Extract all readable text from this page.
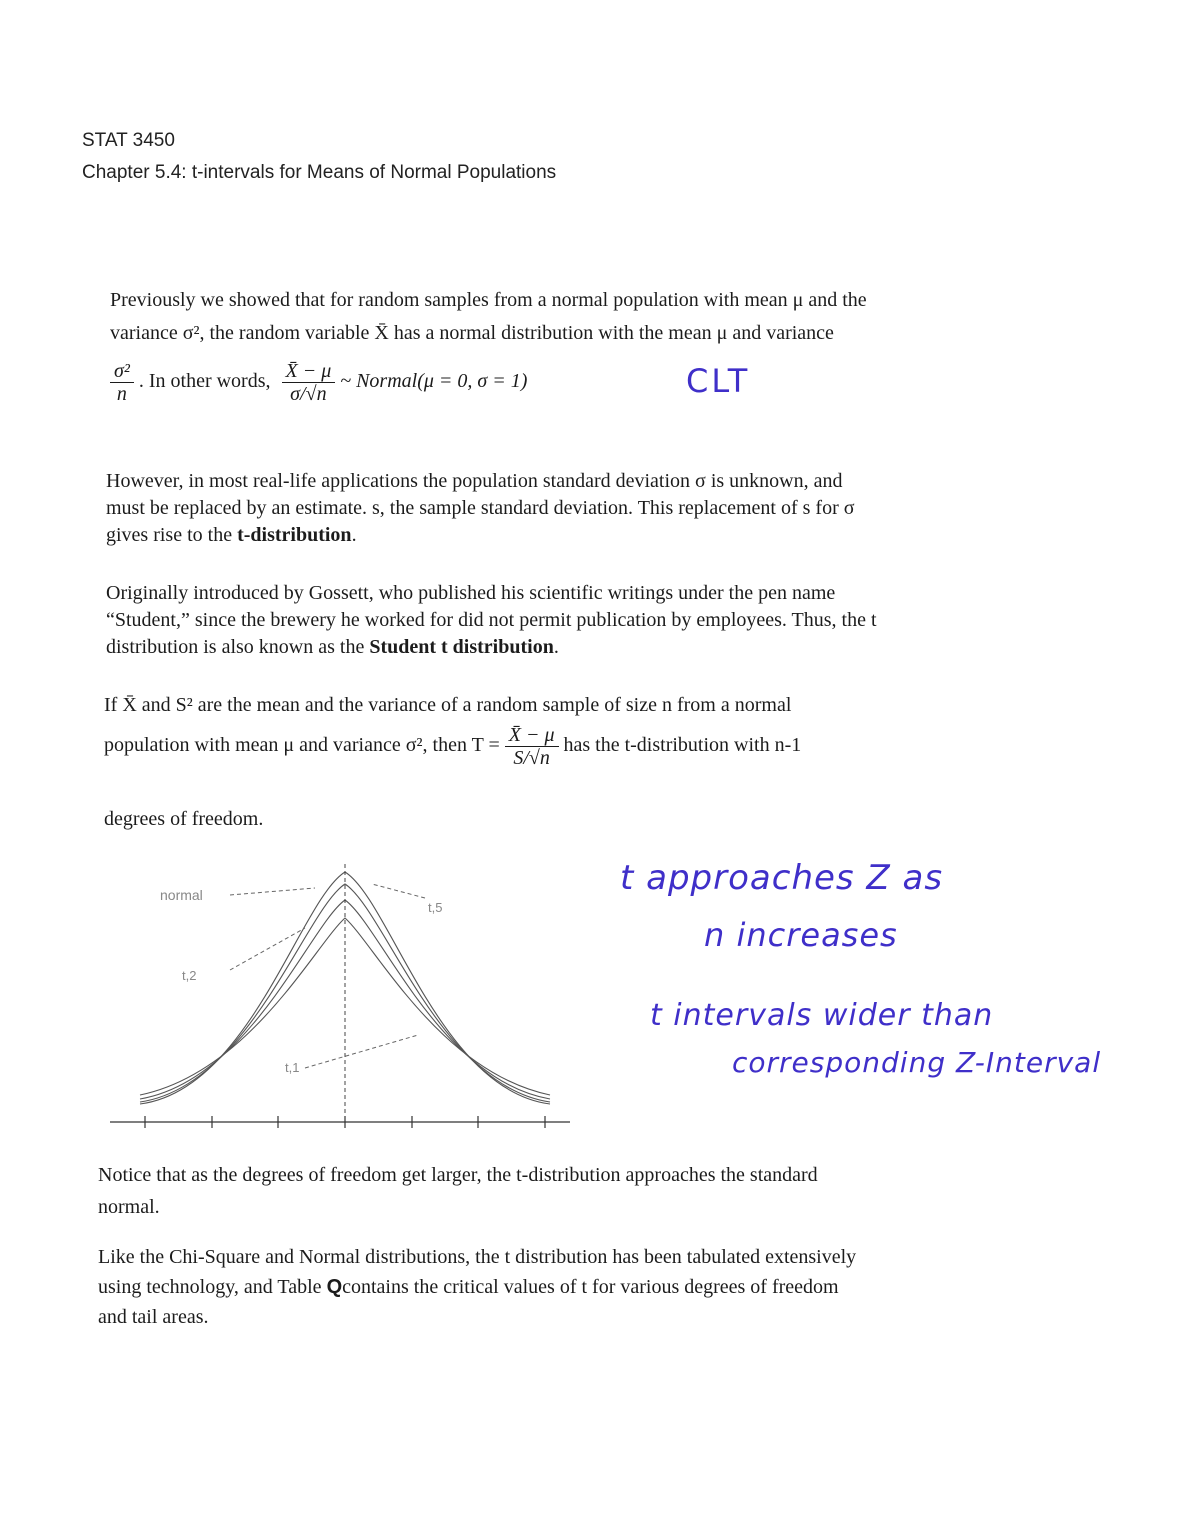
STAT 3450
Chapter 5.4: t-intervals for Means of Normal Populations
Previously we showed that for random samples from a normal population with mean μ and the
variance σ², the random variable X̄ has a normal distribution with the mean μ and variance
$\frac{\text{σ²}}{n}$ . In other words, $\frac{X̄ - \mu}{\sigma/√n}$ ~ Normal(μ = 0, σ = 1)	CLT
However, in most real-life applications the population standard deviation σ is unknown, and
must be replaced by an estimate. s, the sample standard deviation. This replacement of s for σ
gives rise to the t-distribution.
Originally introduced by Gossett, who published his scientific writings under the pen name
“Student,” since the brewery he worked for did not permit publication by employees. Thus, the t
distribution is also known as the Student t distribution.
If X̄ and S² are the mean and the variance of a random sample of size n from a normal
population with mean μ and variance σ², then $T = \frac{X̄ - \mu}{S/√n}$ has the t-distribution with n-1
degrees of freedom.
normal
t,5
t,2
t,1
t approaches Z as
n increases
t intervals wider than
corresponding Z-Interval
Notice that as the degrees of freedom get larger, the t-distribution approaches the standard
normal.
Like the Chi-Square and Normal distributions, the t distribution has been tabulated extensively
using technology, and Table Qcontains the critical values of t for various degrees of freedom
and tail areas.
